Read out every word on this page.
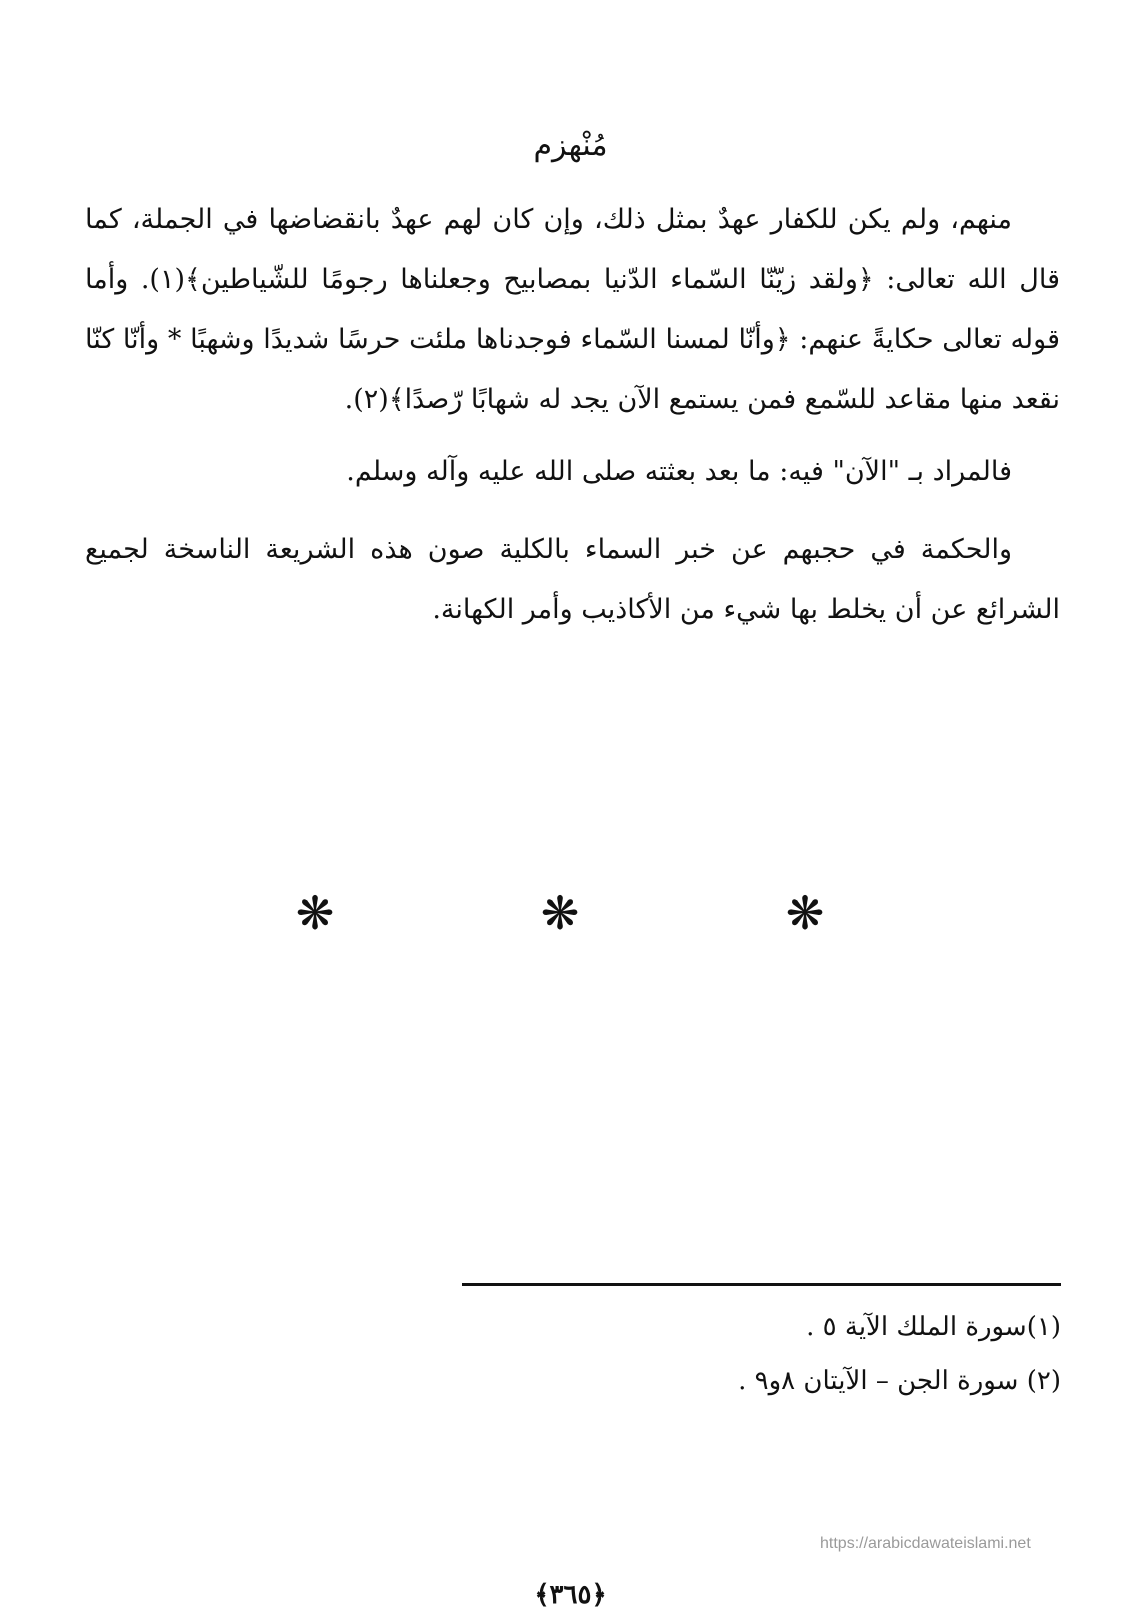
مُنْهزم

منهم، ولم يكن للكفار عهدٌ بمثل ذلك، وإن كان لهم عهدٌ بانقضاضها في الجملة، كما قال الله تعالى: ﴿ولقد زيّنّا السّماء الدّنيا بمصابيح وجعلناها رجومًا للشّياطين﴾(١). وأما قوله تعالى حكايةً عنهم: ﴿وأنّا لمسنا السّماء فوجدناها ملئت حرسًا شديدًا وشهبًا * وأنّا كنّا نقعد منها مقاعد للسّمع فمن يستمع الآن يجد له شهابًا رّصدًا﴾(٢).

فالمراد بـ "الآن" فيه: ما بعد بعثته صلى الله عليه وآله وسلم.

والحكمة في حجبهم عن خبر السماء بالكلية صون هذه الشريعة الناسخة لجميع الشرائع عن أن يخلط بها شيء من الأكاذيب وأمر الكهانة.

❋	❋	❋

(١)سورة الملك الآية ٥ .

(٢) سورة الجن – الآيتان ٨و٩ .

https://arabicdawateislami.net
﴿٣٦٥﴾
